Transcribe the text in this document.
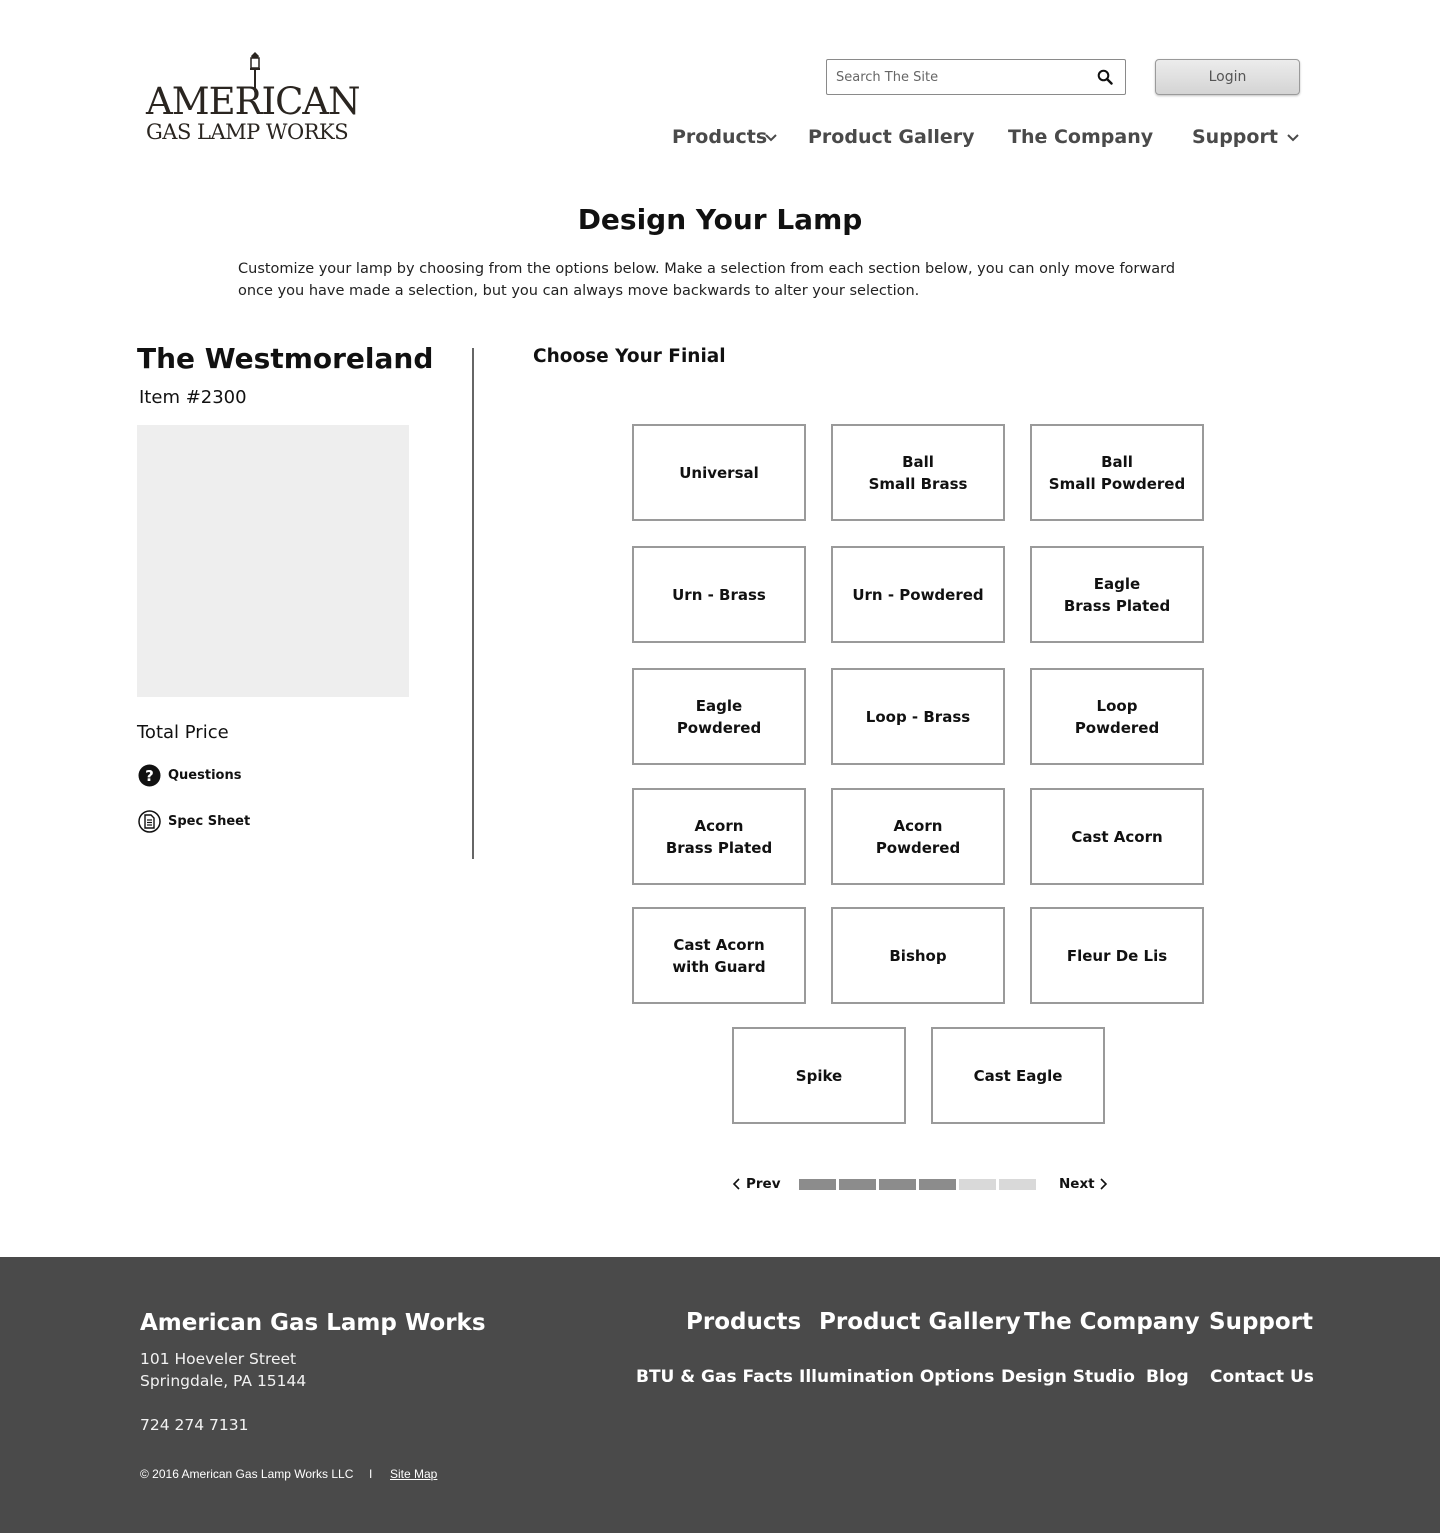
AMERICAN
GAS LAMP WORKS
Search The Site
Login
Products Product Gallery The Company Support
Design Your Lamp

Customize your lamp by choosing from the options below. Make a selection from each section below, you can only move forward once you have made a selection, but you can always move backwards to alter your selection.

The Westmoreland
Item #2300
Total Price
? Questions
Spec Sheet
Choose Your Finial
Universal
Ball
Small Brass
Ball
Small Powdered
Urn - Brass	Urn - Powdered
Eagle
Brass Plated
Eagle
Powdered
Loop - Brass
Loop
Powdered
Acorn
Brass Plated
Acorn
Powdered
Cast Acorn
Cast Acorn
with Guard
Bishop	Fleur De Lis
Spike	Cast Eagle
Prev	Next
American Gas Lamp Works
101 Hoeveler Street
Springdale, PA 15144
724 274 7131
© 2016 American Gas Lamp Works LLC I Site Map
Products Product Gallery The Company Support
BTU & Gas Facts Illumination Options Design Studio Blog Contact Us
